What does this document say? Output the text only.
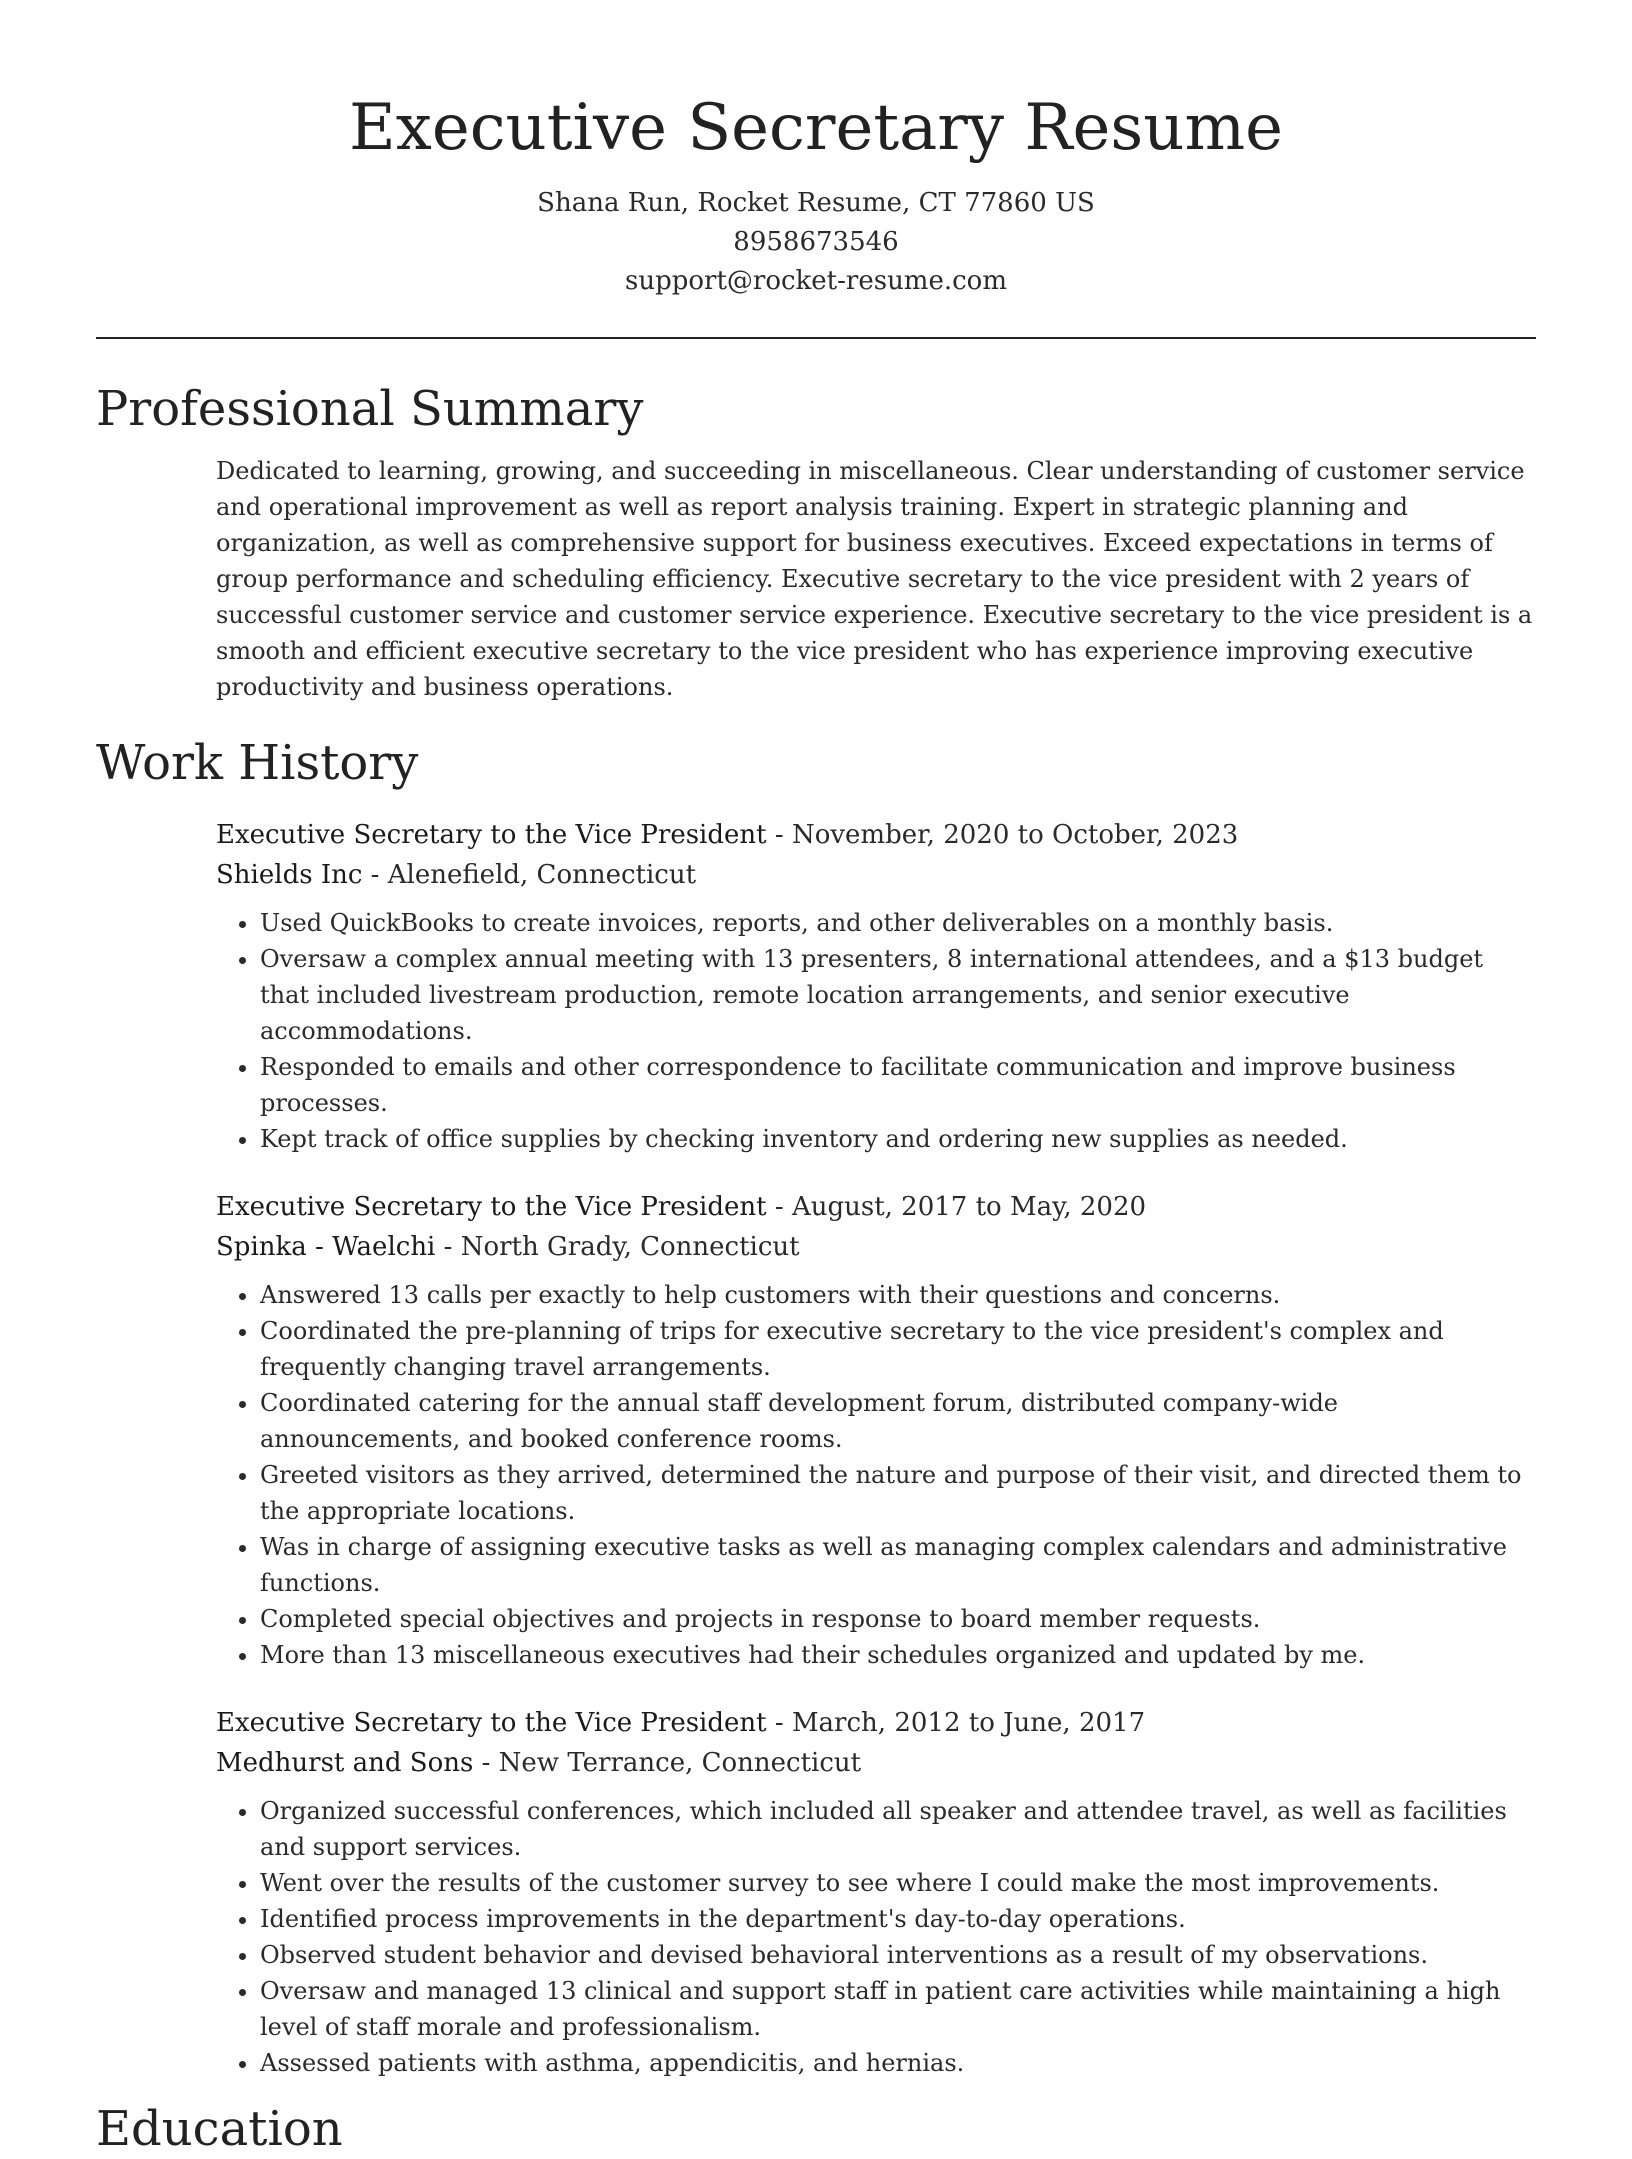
Executive Secretary Resume
Shana Run, Rocket Resume, CT 77860 US
8958673546
support@rocket-resume.com
Professional Summary

Dedicated to learning, growing, and succeeding in miscellaneous. Clear understanding of customer service and operational improvement as well as report analysis training. Expert in strategic planning and organization, as well as comprehensive support for business executives. Exceed expectations in terms of group performance and scheduling efficiency. Executive secretary to the vice president with 2 years of successful customer service and customer service experience. Executive secretary to the vice president is a smooth and efficient executive secretary to the vice president who has experience improving executive productivity and business operations.

Work History
Executive Secretary to the Vice President - November, 2020 to October, 2023
Shields Inc - Alenefield, Connecticut
• Used QuickBooks to create invoices, reports, and other deliverables on a monthly basis.
• Oversaw a complex annual meeting with 13 presenters, 8 international attendees, and a $13 budget that included livestream production, remote location arrangements, and senior executive accommodations.
• Responded to emails and other correspondence to facilitate communication and improve business processes.
• Kept track of office supplies by checking inventory and ordering new supplies as needed.
Executive Secretary to the Vice President - August, 2017 to May, 2020
Spinka - Waelchi - North Grady, Connecticut
• Answered 13 calls per exactly to help customers with their questions and concerns.
• Coordinated the pre-planning of trips for executive secretary to the vice president's complex and frequently changing travel arrangements.
• Coordinated catering for the annual staff development forum, distributed company-wide announcements, and booked conference rooms.
• Greeted visitors as they arrived, determined the nature and purpose of their visit, and directed them to the appropriate locations.
• Was in charge of assigning executive tasks as well as managing complex calendars and administrative functions.
• Completed special objectives and projects in response to board member requests.
• More than 13 miscellaneous executives had their schedules organized and updated by me.
Executive Secretary to the Vice President - March, 2012 to June, 2017
Medhurst and Sons - New Terrance, Connecticut
• Organized successful conferences, which included all speaker and attendee travel, as well as facilities and support services.
• Went over the results of the customer survey to see where I could make the most improvements.
• Identified process improvements in the department's day-to-day operations.
• Observed student behavior and devised behavioral interventions as a result of my observations.
• Oversaw and managed 13 clinical and support staff in patient care activities while maintaining a high level of staff morale and professionalism.
• Assessed patients with asthma, appendicitis, and hernias.
Education
